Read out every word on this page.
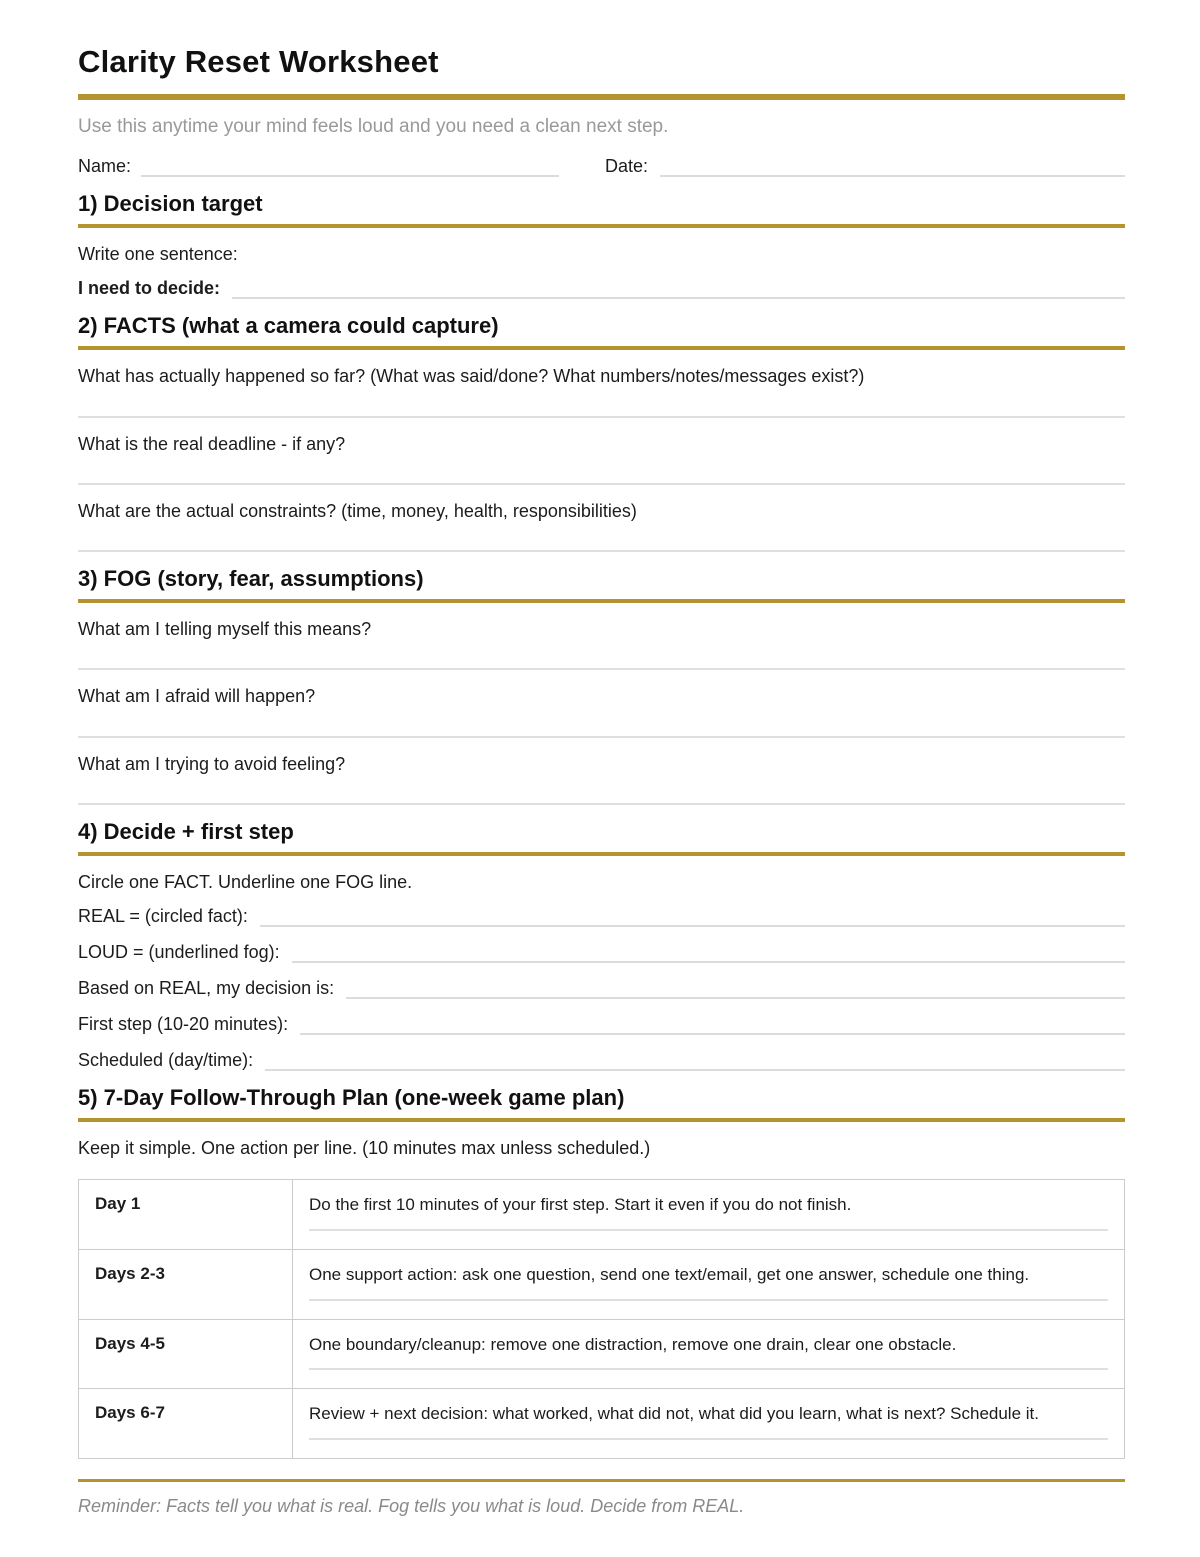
Clarity Reset Worksheet

Use this anytime your mind feels loud and you need a clean next step.

Name:	Date:
1) Decision target

Write one sentence:

I need to decide:
2) FACTS (what a camera could capture)

What has actually happened so far? (What was said/done? What numbers/notes/messages exist?)

What is the real deadline - if any?

What are the actual constraints? (time, money, health, responsibilities)

3) FOG (story, fear, assumptions)

What am I telling myself this means?

What am I afraid will happen?

What am I trying to avoid feeling?

4) Decide + first step

Circle one FACT. Underline one FOG line.

REAL = (circled fact):
LOUD = (underlined fog):
Based on REAL, my decision is:
First step (10-20 minutes):
Scheduled (day/time):
5) 7-Day Follow-Through Plan (one-week game plan)

Keep it simple. One action per line. (10 minutes max unless scheduled.)

Day 1	Do the first 10 minutes of your first step. Start it even if you do not finish.

Days 2-3	One support action: ask one question, send one text/email, get one answer, schedule one thing.

Days 4-5	One boundary/cleanup: remove one distraction, remove one drain, clear one obstacle.

Days 6-7	Review + next decision: what worked, what did not, what did you learn, what is next? Schedule it.

Reminder: Facts tell you what is real. Fog tells you what is loud. Decide from REAL.
